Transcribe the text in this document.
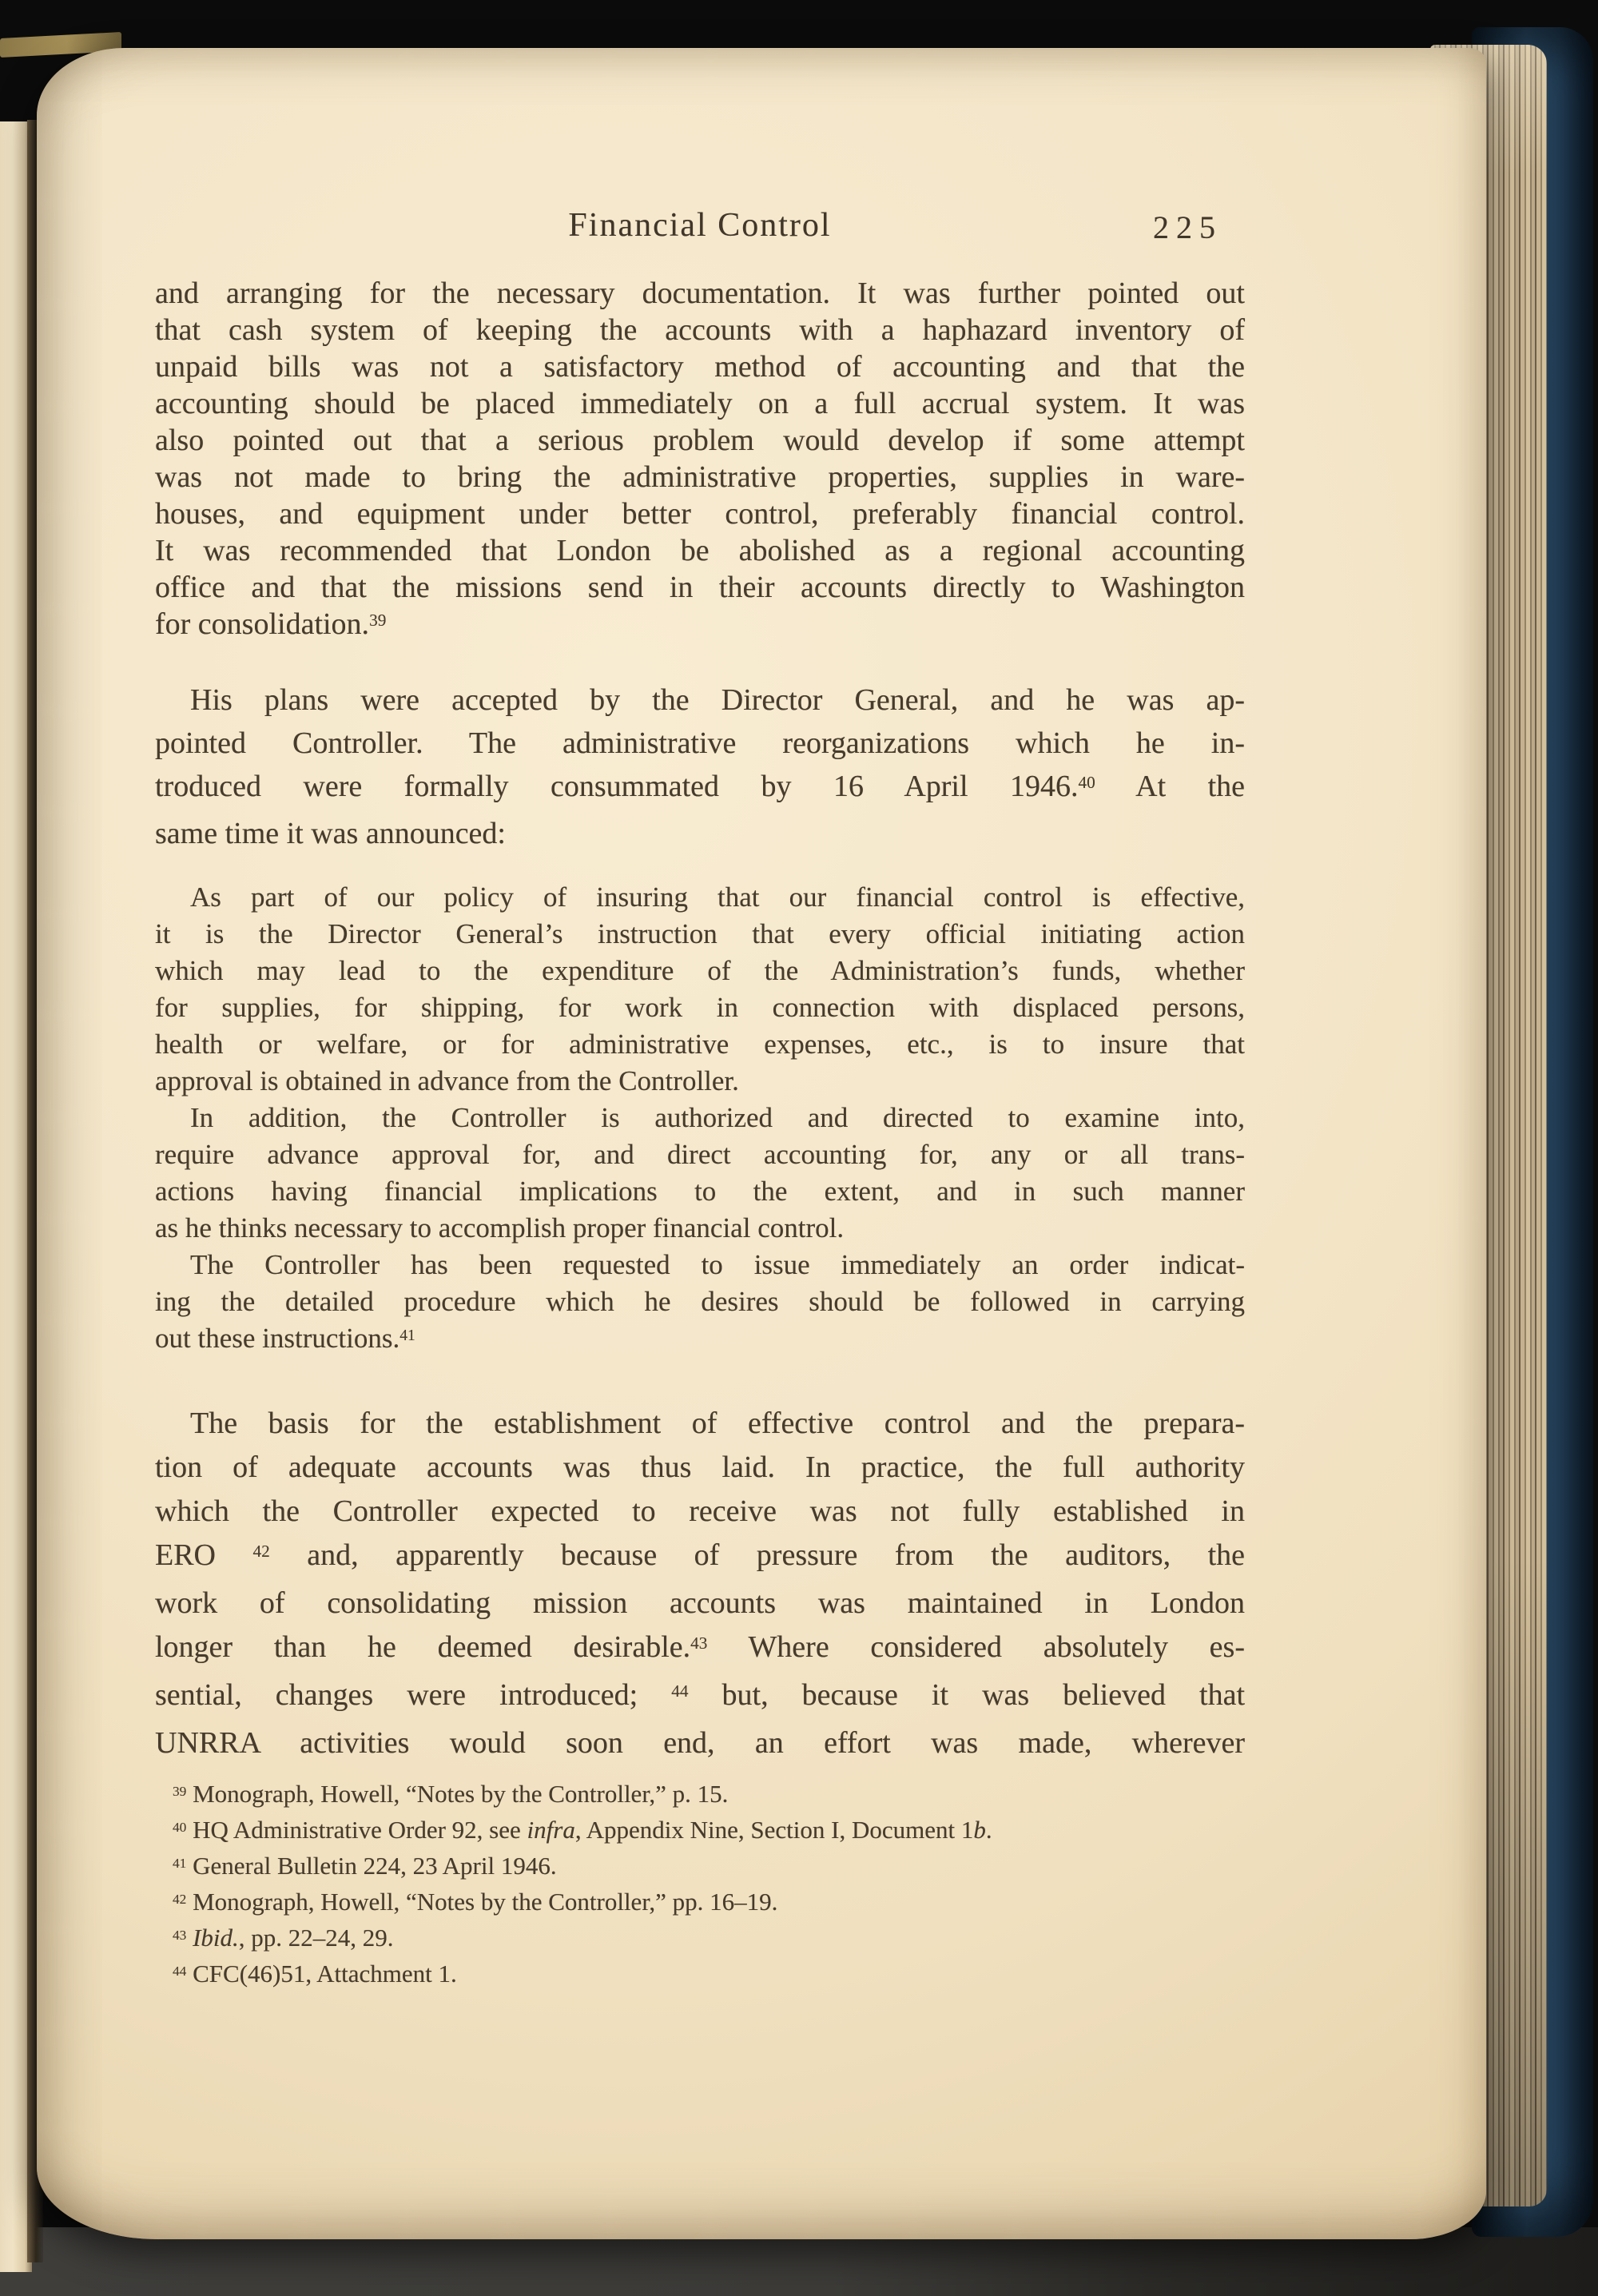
Financial Control	225
and arranging for the necessary documentation. It was further pointed out
that cash system of keeping the accounts with a haphazard inventory of
unpaid bills was not a satisfactory method of accounting and that the
accounting should be placed immediately on a full accrual system. It was
also pointed out that a serious problem would develop if some attempt
was not made to bring the administrative properties, supplies in ware-
houses, and equipment under better control, preferably financial control.
It was recommended that London be abolished as a regional accounting
office and that the missions send in their accounts directly to Washington
for consolidation.$^{39}$
His plans were accepted by the Director General, and he was ap-
pointed Controller. The administrative reorganizations which he in-
troduced were formally consummated by 16 April 1946.40 At the
same time it was announced:
As part of our policy of insuring that our financial control is effective,
it is the Director General’s instruction that every official initiating action
which may lead to the expenditure of the Administration’s funds, whether
for supplies, for shipping, for work in connection with displaced persons,
health or welfare, or for administrative expenses, etc., is to insure that
approval is obtained in advance from the Controller.
In addition, the Controller is authorized and directed to examine into,
require advance approval for, and direct accounting for, any or all trans-
actions having financial implications to the extent, and in such manner
as he thinks necessary to accomplish proper financial control.
The Controller has been requested to issue immediately an order indicat-
ing the detailed procedure which he desires should be followed in carrying
out these instructions.$^{41}$
The basis for the establishment of effective control and the prepara-
tion of adequate accounts was thus laid. In practice, the full authority
which the Controller expected to receive was not fully established in
ERO $^{42}$ and, apparently because of pressure from the auditors, the
work of consolidating mission accounts was maintained in London
longer than he deemed desirable.$^{43}$ Where considered absolutely es-
sential, changes were introduced; $^{44}$ but, because it was believed that
UNRRA activities would soon end, an effort was made, wherever
$^{39}$ Monograph, Howell, “Notes by the Controller,” p. 15.
$^{40}$ HQ Administrative Order 92, see infra, Appendix Nine, Section I, Document 1b.
$^{41}$ General Bulletin 224, 23 April 1946.
$^{42}$ Monograph, Howell, “Notes by the Controller,” pp. 16–19.
$^{43}$ Ibid., pp. 22–24, 29.
$^{44}$ CFC(46)51, Attachment 1.
